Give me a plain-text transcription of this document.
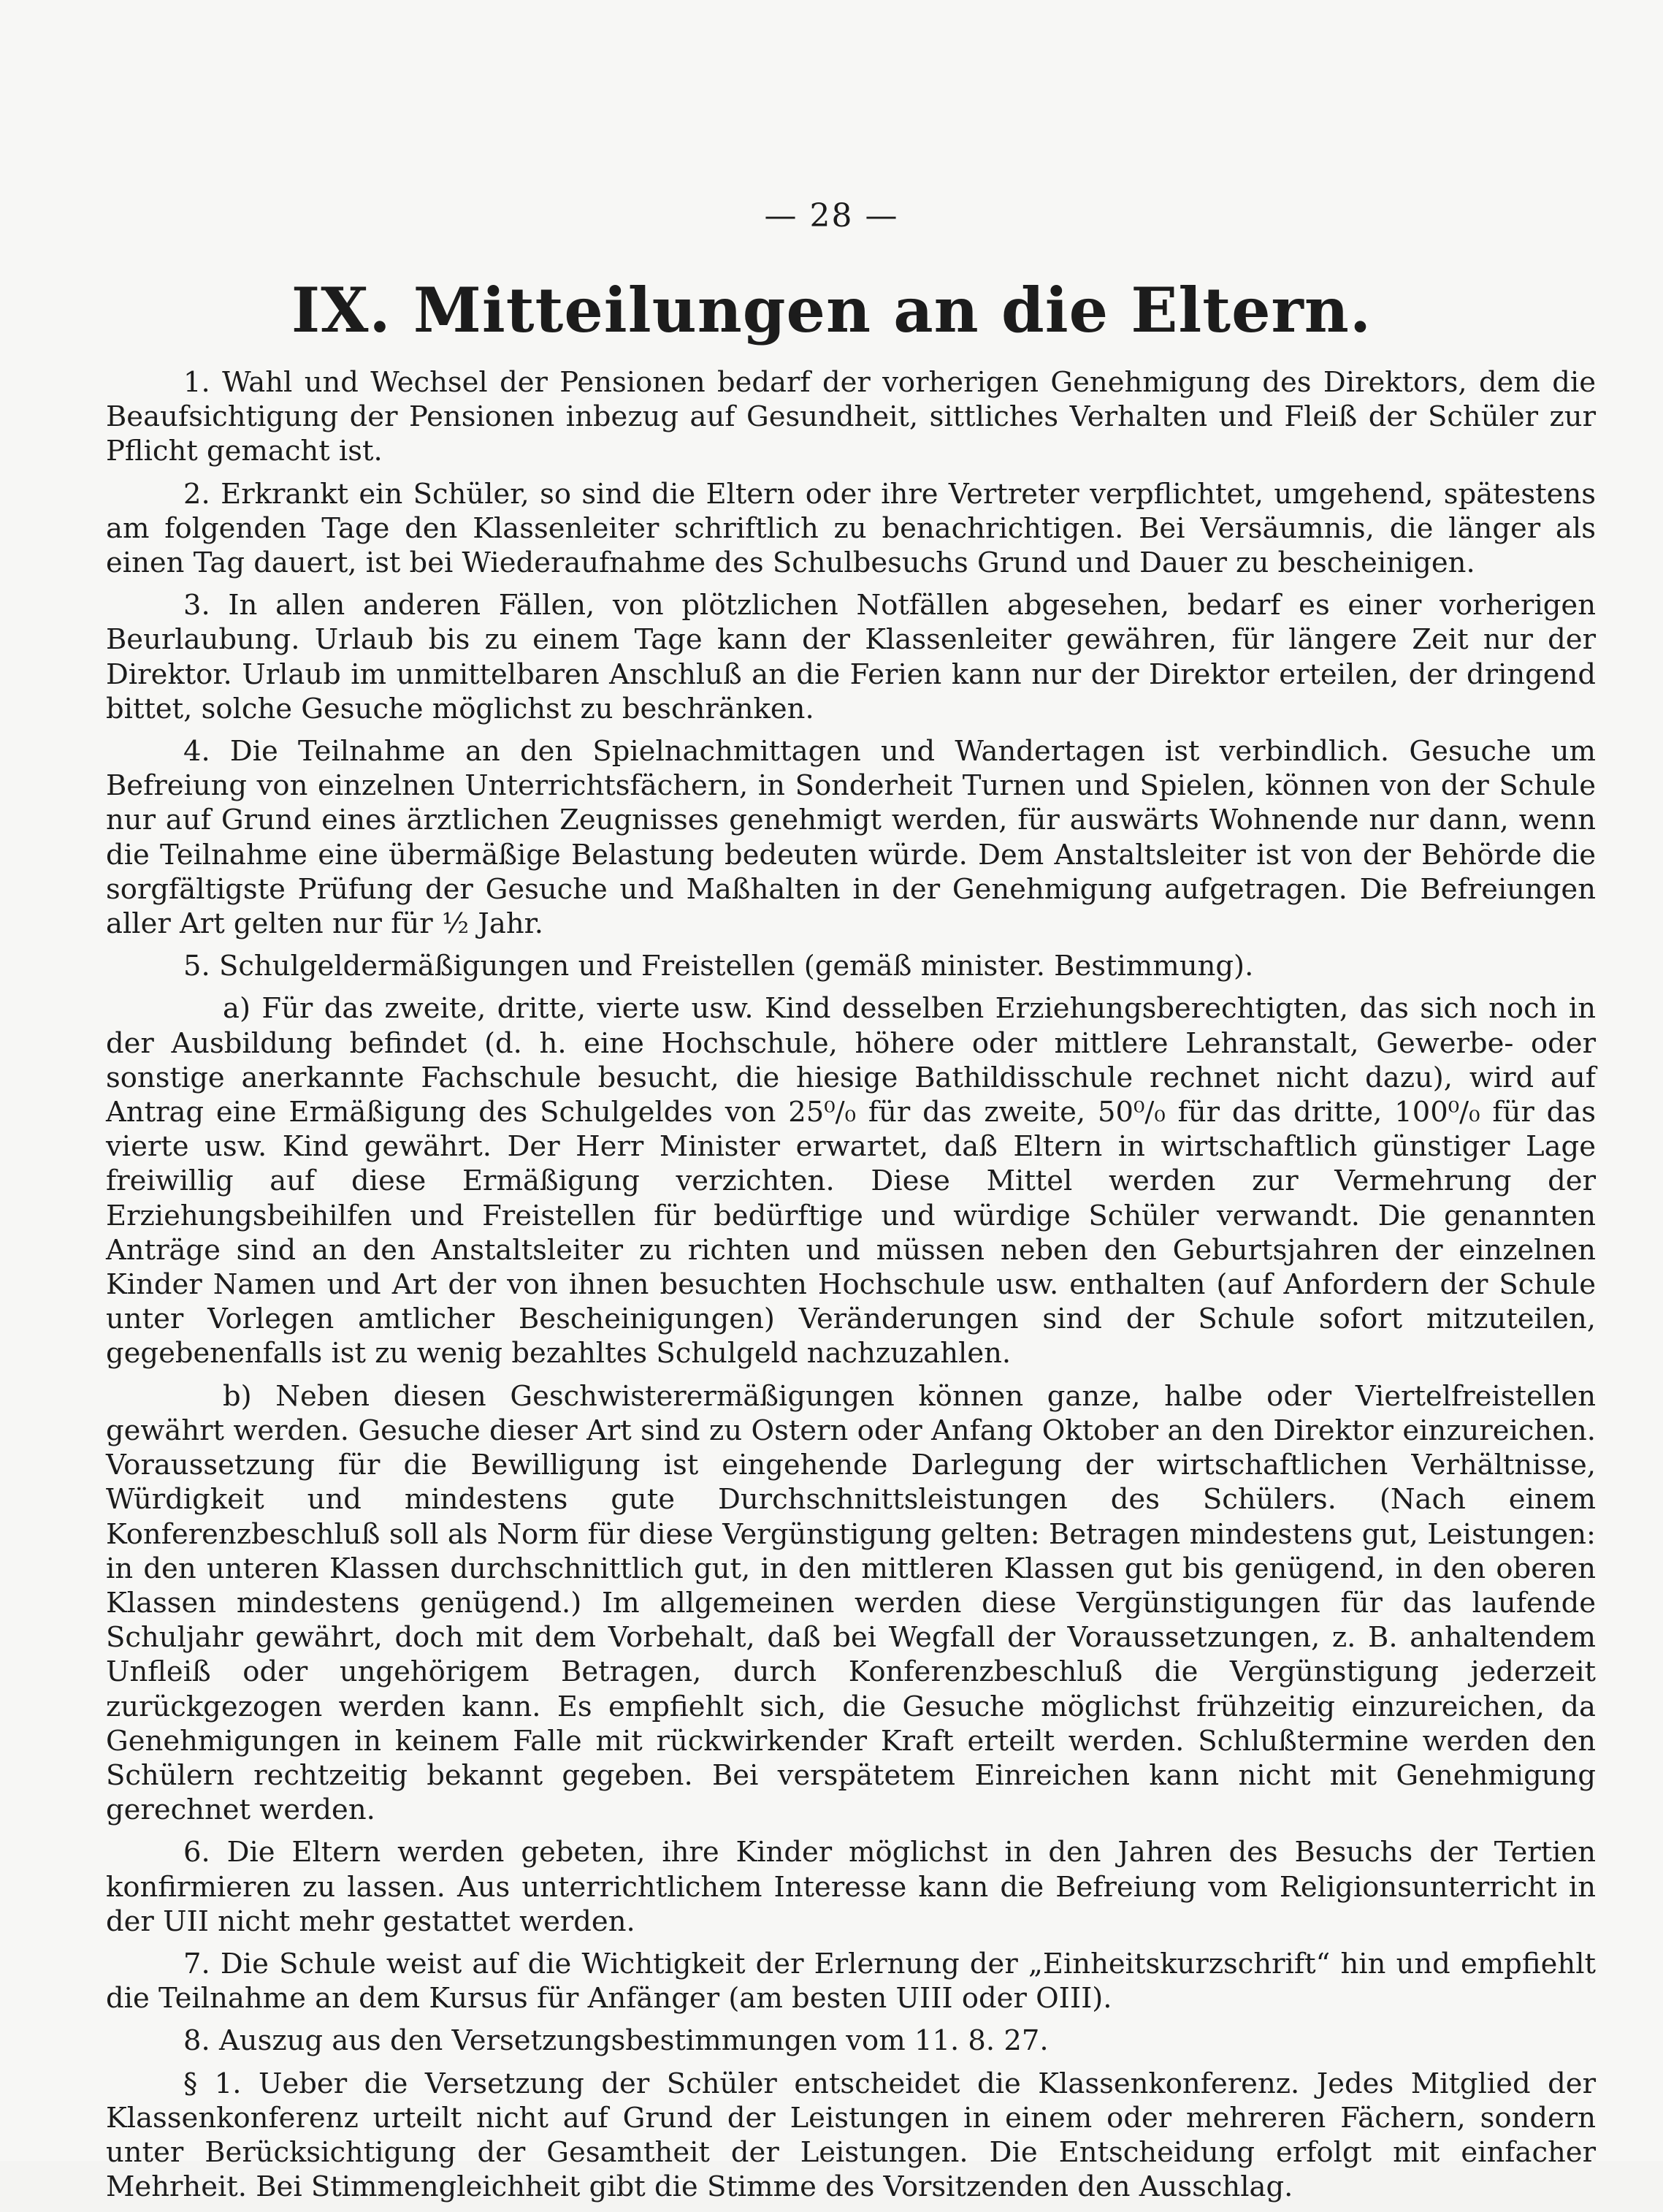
— 28 —
IX. Mitteilungen an die Eltern.

1. Wahl und Wechsel der Pensionen bedarf der vorherigen Genehmigung des Direktors, dem die Beaufsichtigung der Pensionen inbezug auf Gesundheit, sittliches Verhalten und Fleiß der Schüler zur Pflicht gemacht ist.

2. Erkrankt ein Schüler, so sind die Eltern oder ihre Vertreter verpflichtet, umgehend, spätestens am folgenden Tage den Klassenleiter schriftlich zu benachrichtigen. Bei Versäumnis, die länger als einen Tag dauert, ist bei Wiederaufnahme des Schulbesuchs Grund und Dauer zu bescheinigen.

3. In allen anderen Fällen, von plötzlichen Notfällen abgesehen, bedarf es einer vorherigen Beurlaubung. Urlaub bis zu einem Tage kann der Klassenleiter gewähren, für längere Zeit nur der Direktor. Urlaub im unmittelbaren Anschluß an die Ferien kann nur der Direktor erteilen, der dringend bittet, solche Gesuche möglichst zu beschränken.

4. Die Teilnahme an den Spielnachmittagen und Wandertagen ist verbindlich. Gesuche um Befreiung von einzelnen Unterrichtsfächern, in Sonderheit Turnen und Spielen, können von der Schule nur auf Grund eines ärztlichen Zeugnisses genehmigt werden, für auswärts Wohnende nur dann, wenn die Teilnahme eine übermäßige Belastung bedeuten würde. Dem Anstaltsleiter ist von der Behörde die sorgfältigste Prüfung der Gesuche und Maßhalten in der Genehmigung aufgetragen. Die Befreiungen aller Art gelten nur für ½ Jahr.

5. Schulgeldermäßigungen und Freistellen (gemäß minister. Bestimmung).

a) Für das zweite, dritte, vierte usw. Kind desselben Erziehungsberechtigten, das sich noch in der Ausbildung befindet (d. h. eine Hochschule, höhere oder mittlere Lehranstalt, Gewerbe- oder sonstige anerkannte Fachschule besucht, die hiesige Bathildisschule rechnet nicht dazu), wird auf Antrag eine Ermäßigung des Schulgeldes von 25⁰/₀ für das zweite, 50⁰/₀ für das dritte, 100⁰/₀ für das vierte usw. Kind gewährt. Der Herr Minister erwartet, daß Eltern in wirtschaftlich günstiger Lage freiwillig auf diese Ermäßigung verzichten. Diese Mittel werden zur Vermehrung der Erziehungsbeihilfen und Freistellen für bedürftige und würdige Schüler verwandt. Die genannten Anträge sind an den Anstaltsleiter zu richten und müssen neben den Geburtsjahren der einzelnen Kinder Namen und Art der von ihnen besuchten Hochschule usw. enthalten (auf Anfordern der Schule unter Vorlegen amtlicher Bescheinigungen) Veränderungen sind der Schule sofort mitzuteilen, gegebenenfalls ist zu wenig bezahltes Schulgeld nachzuzahlen.

b) Neben diesen Geschwisterermäßigungen können ganze, halbe oder Viertelfreistellen gewährt werden. Gesuche dieser Art sind zu Ostern oder Anfang Oktober an den Direktor einzureichen. Voraussetzung für die Bewilligung ist eingehende Darlegung der wirtschaftlichen Verhältnisse, Würdigkeit und mindestens gute Durchschnittsleistungen des Schülers. (Nach einem Konferenzbeschluß soll als Norm für diese Vergünstigung gelten: Betragen mindestens gut, Leistungen: in den unteren Klassen durchschnittlich gut, in den mittleren Klassen gut bis genügend, in den oberen Klassen mindestens genügend.) Im allgemeinen werden diese Vergünstigungen für das laufende Schuljahr gewährt, doch mit dem Vorbehalt, daß bei Wegfall der Voraussetzungen, z. B. anhaltendem Unfleiß oder ungehörigem Betragen, durch Konferenzbeschluß die Vergünstigung jederzeit zurückgezogen werden kann. Es empfiehlt sich, die Gesuche möglichst frühzeitig einzureichen, da Genehmigungen in keinem Falle mit rückwirkender Kraft erteilt werden. Schlußtermine werden den Schülern rechtzeitig bekannt gegeben. Bei verspätetem Einreichen kann nicht mit Genehmigung gerechnet werden.

6. Die Eltern werden gebeten, ihre Kinder möglichst in den Jahren des Besuchs der Tertien konfirmieren zu lassen. Aus unterrichtlichem Interesse kann die Befreiung vom Religionsunterricht in der UII nicht mehr gestattet werden.

7. Die Schule weist auf die Wichtigkeit der Erlernung der „Einheitskurzschrift“ hin und empfiehlt die Teilnahme an dem Kursus für Anfänger (am besten UIII oder OIII).

8. Auszug aus den Versetzungsbestimmungen vom 11. 8. 27.

§ 1. Ueber die Versetzung der Schüler entscheidet die Klassenkonferenz. Jedes Mitglied der Klassenkonferenz urteilt nicht auf Grund der Leistungen in einem oder mehreren Fächern, sondern unter Berücksichtigung der Gesamtheit der Leistungen. Die Entscheidung erfolgt mit einfacher Mehrheit. Bei Stimmengleichheit gibt die Stimme des Vorsitzenden den Ausschlag.
